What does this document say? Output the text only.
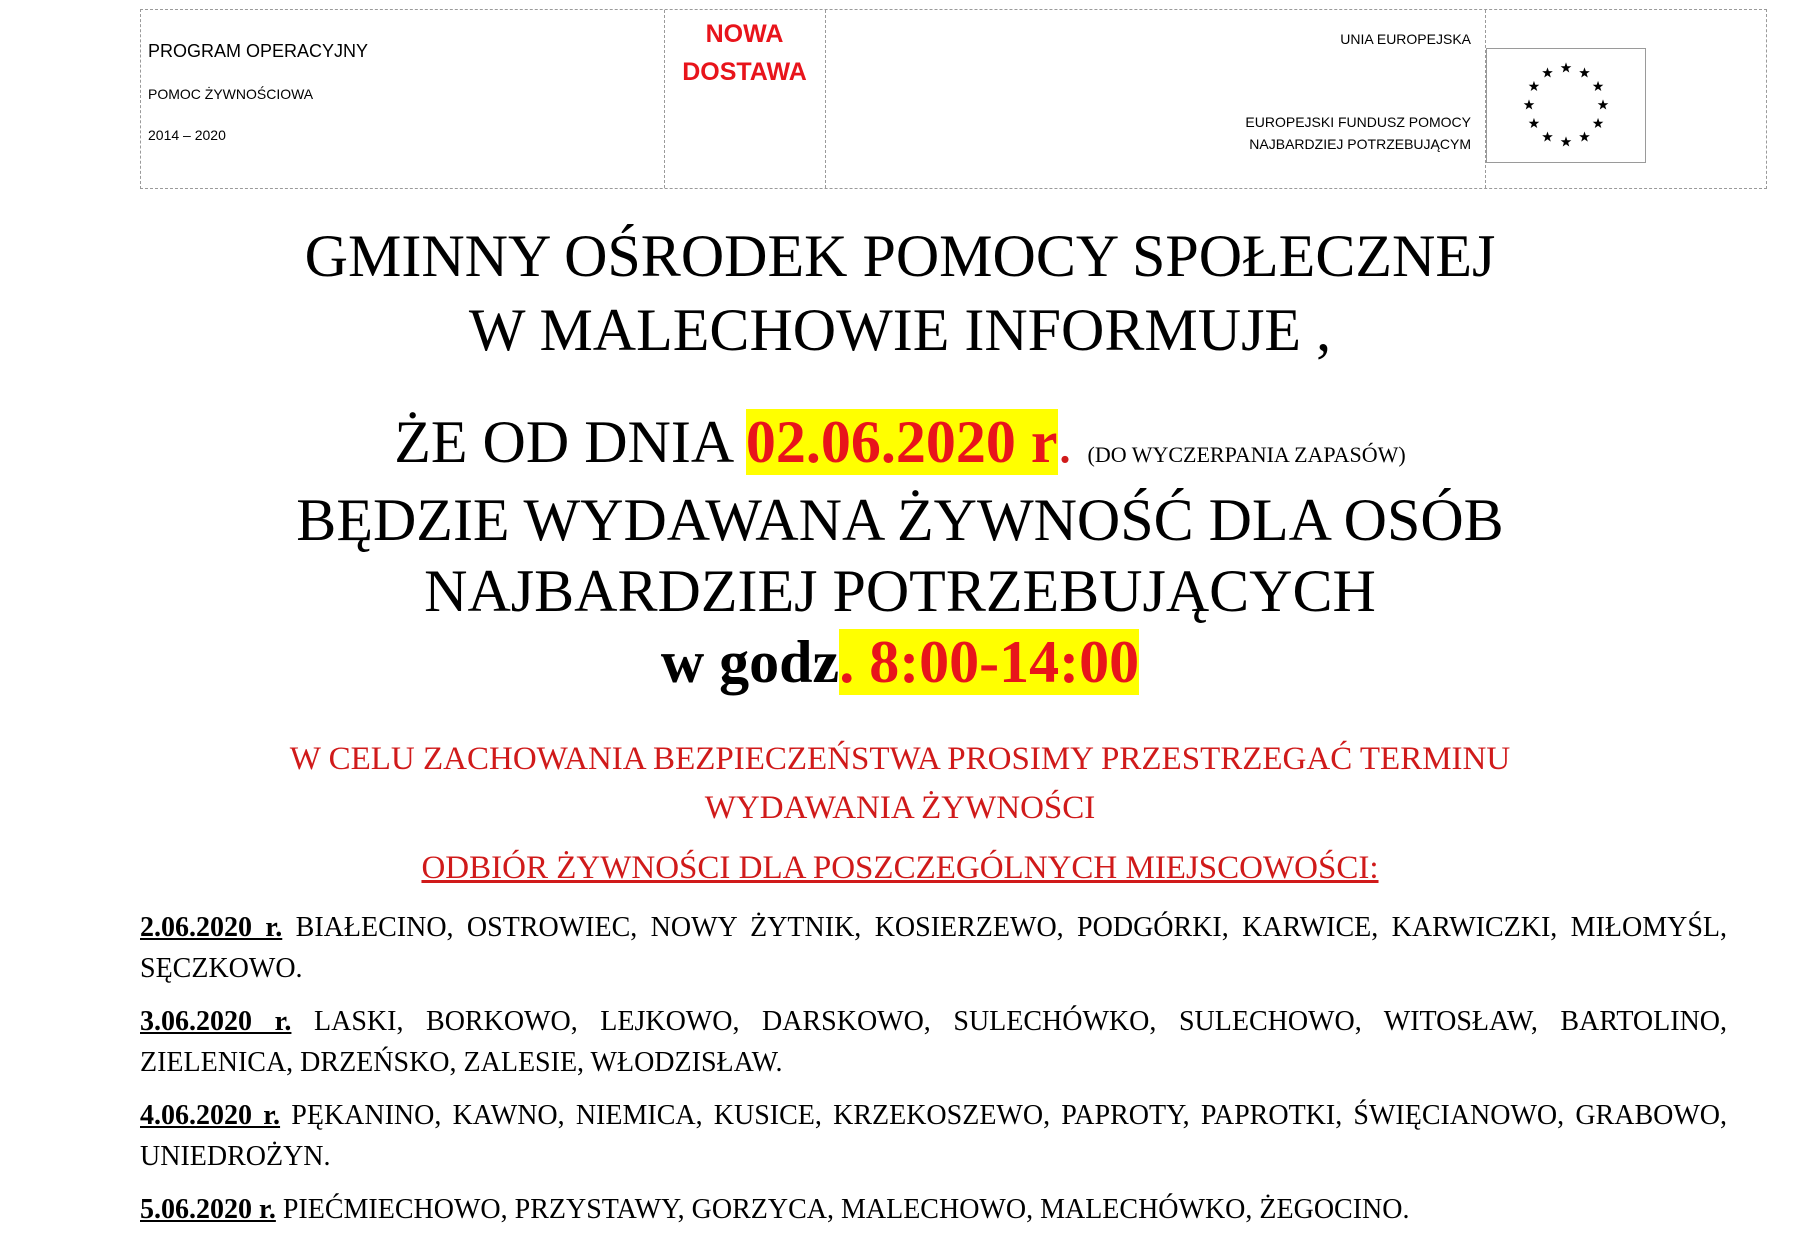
PROGRAM OPERACYJNY
POMOC ŻYWNOŚCIOWA
2014 – 2020
NOWA
DOSTAWA
UNIA EUROPEJSKA
EUROPEJSKI FUNDUSZ POMOCY
NAJBARDZIEJ POTRZEBUJĄCYM
GMINNY OŚRODEK POMOCY SPOŁECZNEJ
W MALECHOWIE INFORMUJE ,
ŻE OD DNIA 02.06.2020 r. (DO WYCZERPANIA ZAPASÓW)
BĘDZIE WYDAWANA ŻYWNOŚĆ DLA OSÓB
NAJBARDZIEJ POTRZEBUJĄCYCH
w godz. 8:00-14:00
W CELU ZACHOWANIA BEZPIECZEŃSTWA PROSIMY PRZESTRZEGAĆ TERMINU
WYDAWANIA ŻYWNOŚCI
ODBIÓR ŻYWNOŚCI DLA POSZCZEGÓLNYCH MIEJSCOWOŚCI:
2.06.2020 r. BIAŁECINO, OSTROWIEC, NOWY ŻYTNIK, KOSIERZEWO, PODGÓRKI, KARWICE, KARWICZKI, MIŁOMYŚL, SĘCZKOWO.
3.06.2020 r. LASKI, BORKOWO, LEJKOWO, DARSKOWO, SULECHÓWKO, SULECHOWO, WITOSŁAW, BARTOLINO, ZIELENICA, DRZEŃSKO, ZALESIE, WŁODZISŁAW.
4.06.2020 r. PĘKANINO, KAWNO, NIEMICA, KUSICE, KRZEKOSZEWO, PAPROTY, PAPROTKI, ŚWIĘCIANOWO, GRABOWO, UNIEDROŻYN.
5.06.2020 r. PIEĆMIECHOWO, PRZYSTAWY, GORZYCA, MALECHOWO, MALECHÓWKO, ŻEGOCINO.
